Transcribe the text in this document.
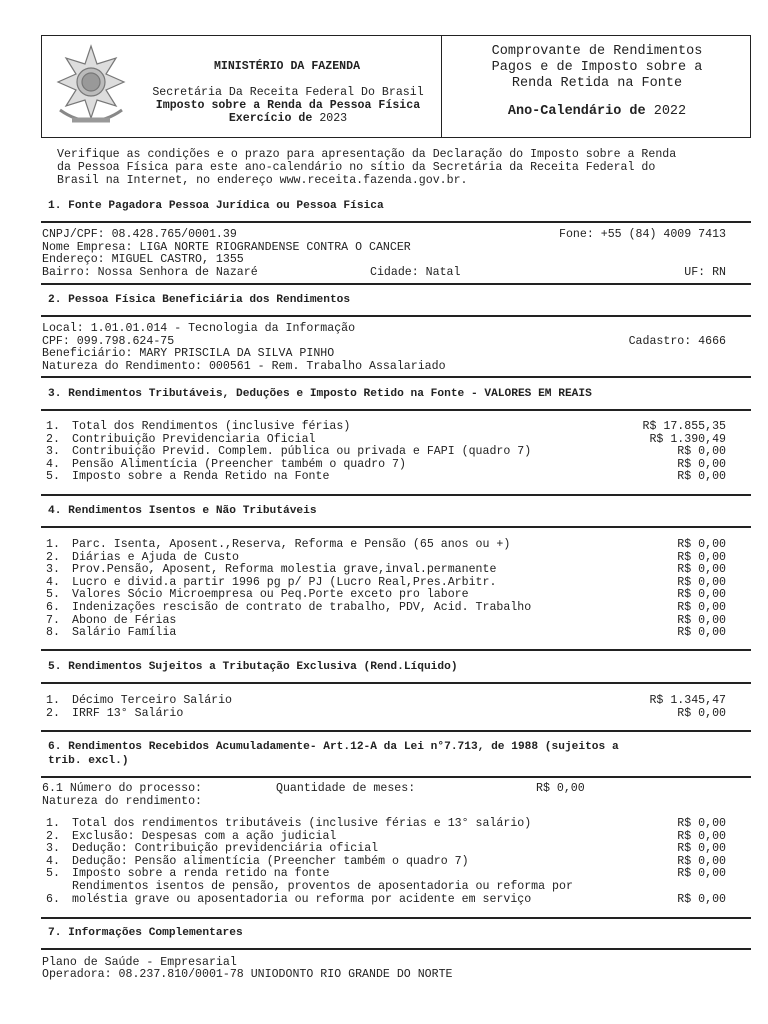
MINISTÉRIO DA FAZENDA
Secretária Da Receita Federal Do Brasil
Imposto sobre a Renda da Pessoa Física
Exercício de 2023
Comprovante de Rendimentos
Pagos e de Imposto sobre a
Renda Retida na Fonte
Ano-Calendário de 2022
Verifique as condições e o prazo para apresentação da Declaração do Imposto sobre a Renda
da Pessoa Física para este ano-calendário no sítio da Secretária da Receita Federal do
Brasil na Internet, no endereço www.receita.fazenda.gov.br.
1. Fonte Pagadora Pessoa Jurídica ou Pessoa Física
CNPJ/CPF: 08.428.765/0001.39	Fone: +55 (84) 4009 7413
Nome Empresa: LIGA NORTE RIOGRANDENSE CONTRA O CANCER
Endereço: MIGUEL CASTRO, 1355
Bairro: Nossa Senhora de Nazaré	Cidade: Natal	UF: RN
2. Pessoa Física Beneficiária dos Rendimentos
Local: 1.01.01.014 - Tecnologia da Informação
CPF: 099.798.624-75	Cadastro: 4666
Beneficiário: MARY PRISCILA DA SILVA PINHO
Natureza do Rendimento: 000561 - Rem. Trabalho Assalariado
3. Rendimentos Tributáveis, Deduções e Imposto Retido na Fonte - VALORES EM REAIS
1. Total dos Rendimentos (inclusive férias)	R$ 17.855,35
2. Contribuição Previdenciaria Oficial	R$ 1.390,49
3. Contribuição Previd. Complem. pública ou privada e FAPI (quadro 7)	R$ 0,00
4. Pensão Alimentícia (Preencher também o quadro 7)	R$ 0,00
5. Imposto sobre a Renda Retido na Fonte	R$ 0,00
4. Rendimentos Isentos e Não Tributáveis
1. Parc. Isenta, Aposent.,Reserva, Reforma e Pensão (65 anos ou +)	R$ 0,00
2. Diárias e Ajuda de Custo	R$ 0,00
3. Prov.Pensão, Aposent, Reforma molestia grave,inval.permanente	R$ 0,00
4. Lucro e divid.a partir 1996 pg p/ PJ (Lucro Real,Pres.Arbitr.	R$ 0,00
5. Valores Sócio Microempresa ou Peq.Porte exceto pro labore	R$ 0,00
6. Indenizações rescisão de contrato de trabalho, PDV, Acid. Trabalho	R$ 0,00
7. Abono de Férias	R$ 0,00
8. Salário Família	R$ 0,00
5. Rendimentos Sujeitos a Tributação Exclusiva (Rend.Líquido)
1. Décimo Terceiro Salário	R$ 1.345,47
2. IRRF 13° Salário	R$ 0,00
6. Rendimentos Recebidos Acumuladamente- Art.12-A da Lei n°7.713, de 1988 (sujeitos a
trib. excl.)
6.1 Número do processo:	Quantidade de meses:	R$ 0,00
Natureza do rendimento:
1. Total dos rendimentos tributáveis (inclusive férias e 13° salário)	R$ 0,00
2. Exclusão: Despesas com a ação judicial	R$ 0,00
3. Dedução: Contribuição previdenciária oficial	R$ 0,00
4. Dedução: Pensão alimentícia (Preencher também o quadro 7)	R$ 0,00
5. Imposto sobre a renda retido na fonte	R$ 0,00
Rendimentos isentos de pensão, proventos de aposentadoria ou reforma por
6. moléstia grave ou aposentadoria ou reforma por acidente em serviço	R$ 0,00
7. Informações Complementares
Plano de Saúde - Empresarial
Operadora: 08.237.810/0001-78 UNIODONTO RIO GRANDE DO NORTE
